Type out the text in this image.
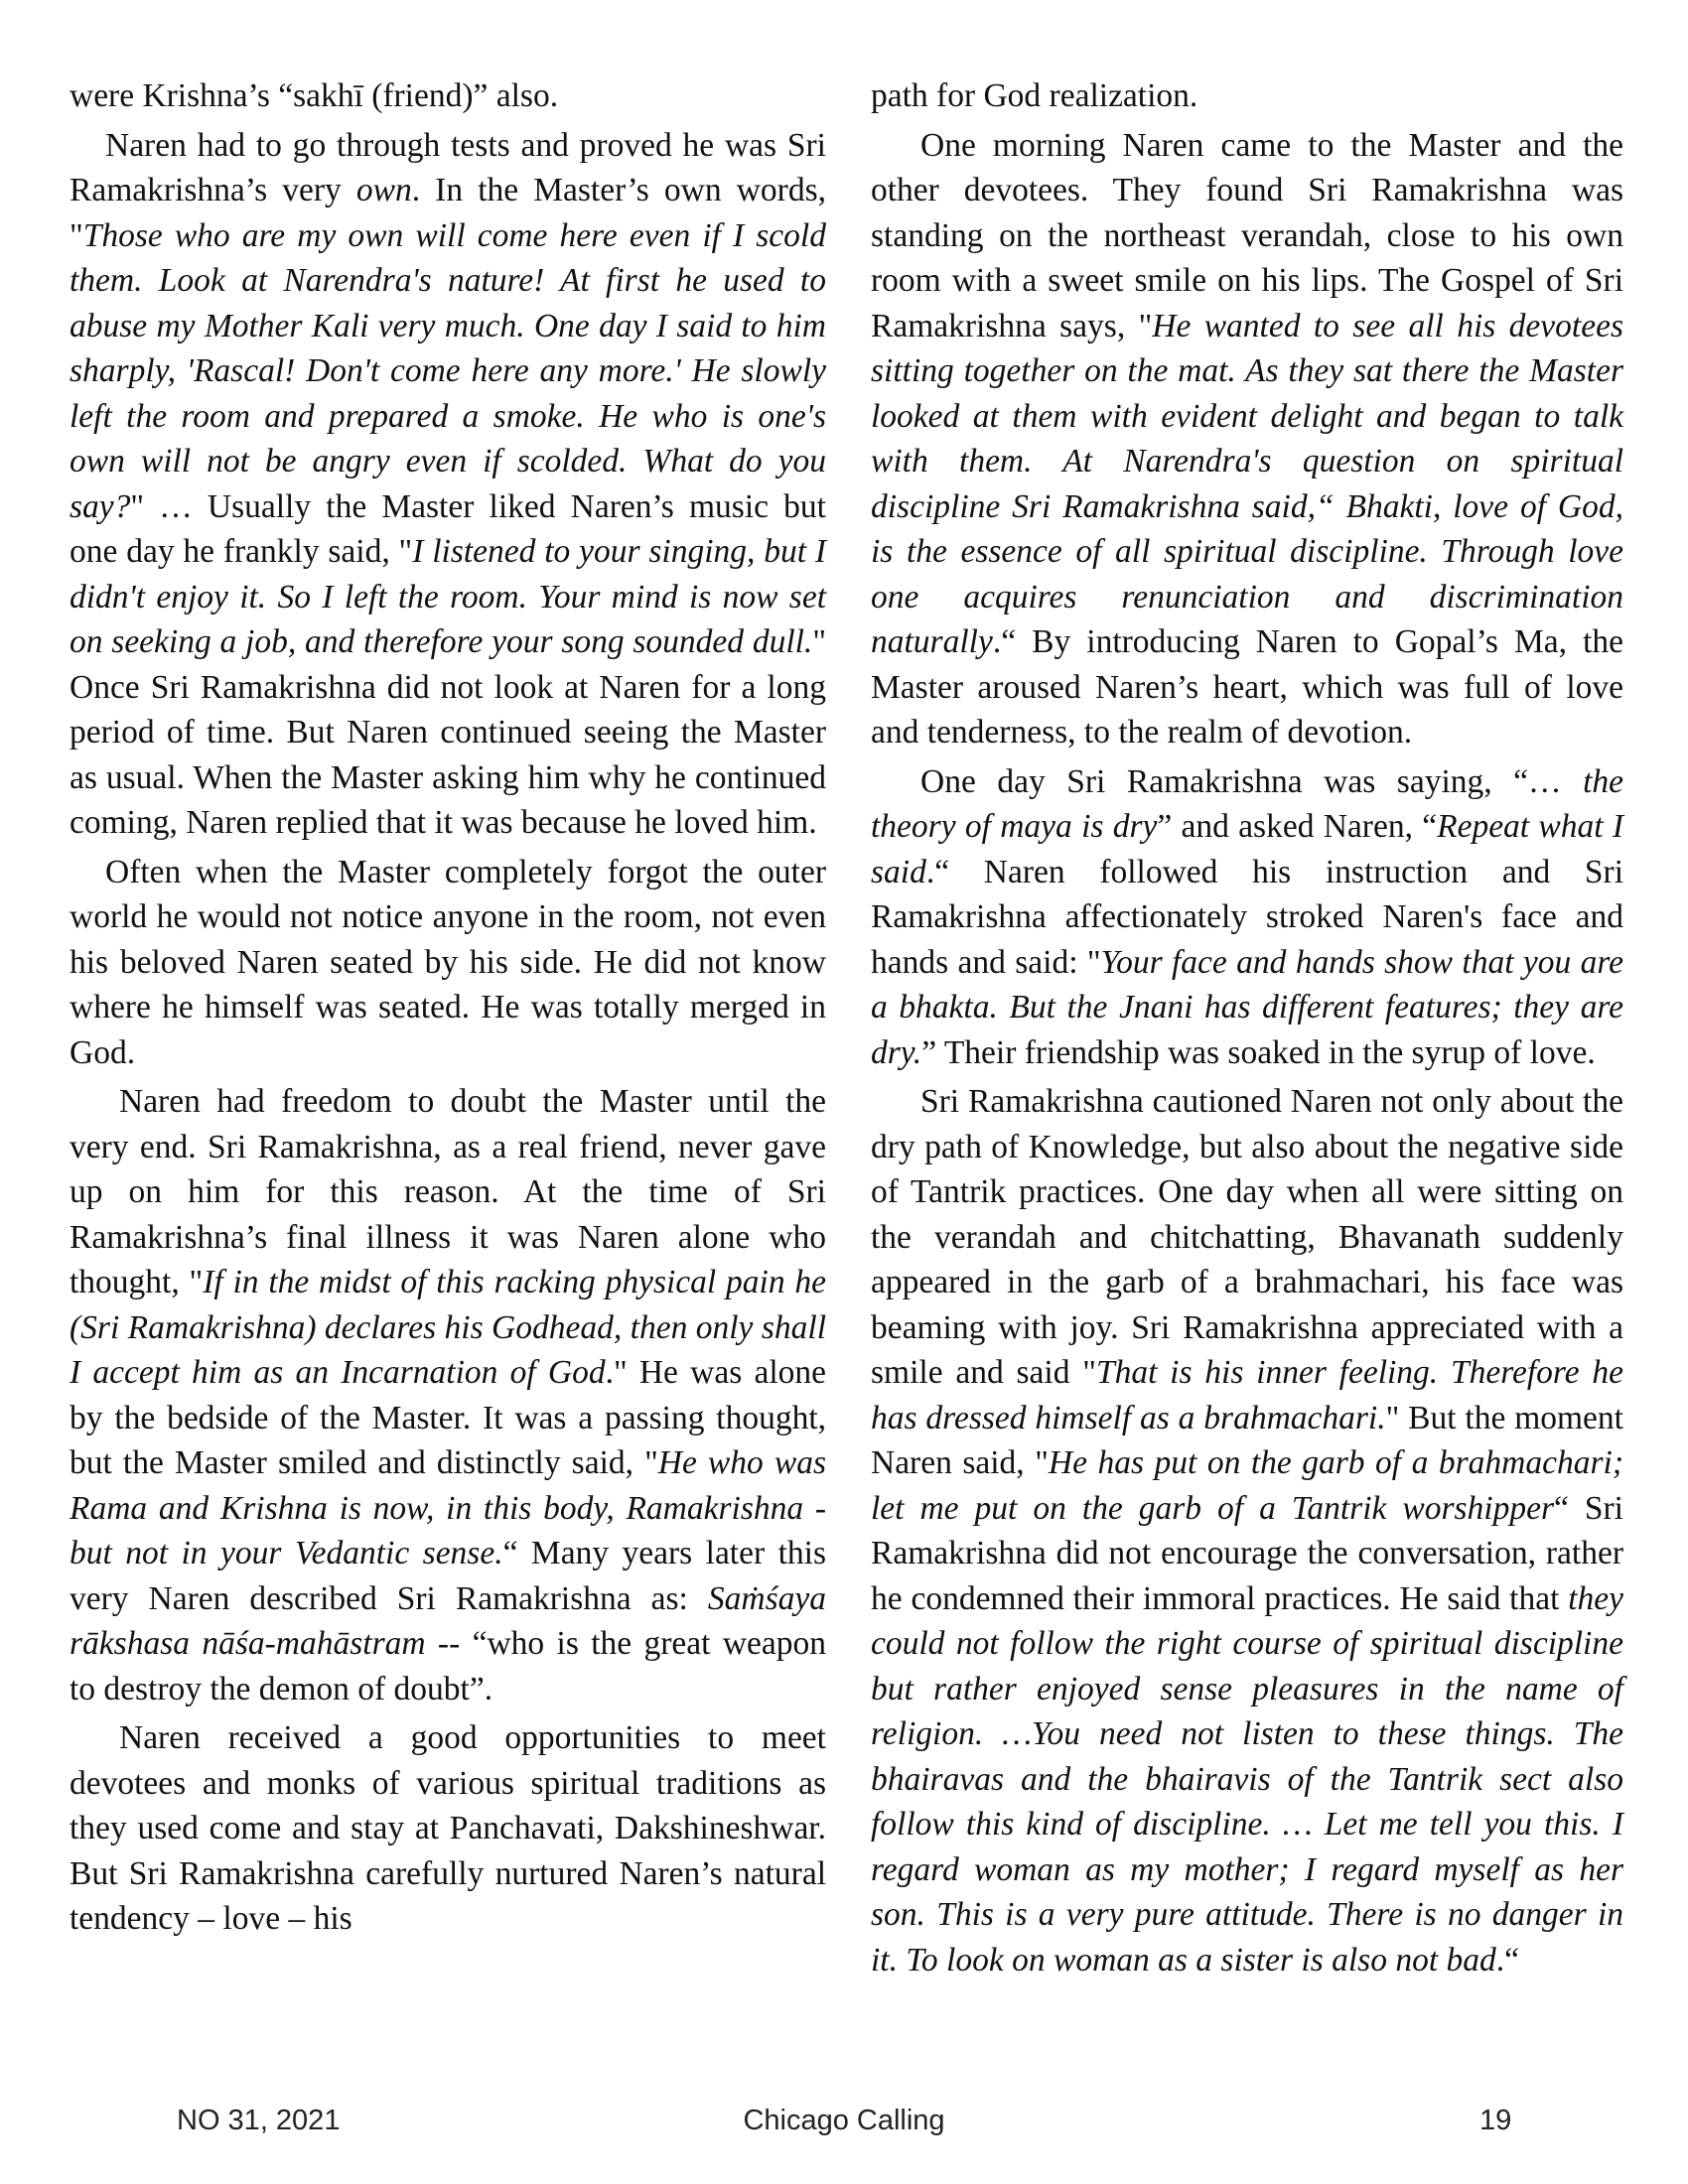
were Krishna’s “sakhī (friend)” also.

Naren had to go through tests and proved he was Sri Ramakrishna’s very own. In the Master’s own words, "Those who are my own will come here even if I scold them. Look at Narendra's nature! At first he used to abuse my Mother Kali very much. One day I said to him sharply, 'Rascal! Don't come here any more.' He slowly left the room and prepared a smoke. He who is one's own will not be angry even if scolded. What do you say?" … Usually the Master liked Naren’s music but one day he frankly said, "I listened to your singing, but I didn't enjoy it. So I left the room. Your mind is now set on seeking a job, and therefore your song sounded dull." Once Sri Ramakrishna did not look at Naren for a long period of time. But Naren continued seeing the Master as usual. When the Master asking him why he continued coming, Naren replied that it was because he loved him.

Often when the Master completely forgot the outer world he would not notice anyone in the room, not even his beloved Naren seated by his side. He did not know where he himself was seated. He was totally merged in God.

Naren had freedom to doubt the Master until the very end. Sri Ramakrishna, as a real friend, never gave up on him for this reason. At the time of Sri Ramakrishna’s final illness it was Naren alone who thought, "If in the midst of this racking physical pain he (Sri Ramakrishna) declares his Godhead, then only shall I accept him as an Incarnation of God." He was alone by the bedside of the Master. It was a passing thought, but the Master smiled and distinctly said, "He who was Rama and Krishna is now, in this body, Ramakrishna - but not in your Vedantic sense.“ Many years later this very Naren described Sri Ramakrishna as: Saṁśaya rākshasa nāśa-mahāstram -- “who is the great weapon to destroy the demon of doubt”.

Naren received a good opportunities to meet devotees and monks of various spiritual traditions as they used come and stay at Panchavati, Dakshineshwar. But Sri Ramakrishna carefully nurtured Naren’s natural tendency – love – his

path for God realization.

One morning Naren came to the Master and the other devotees. They found Sri Ramakrishna was standing on the northeast verandah, close to his own room with a sweet smile on his lips. The Gospel of Sri Ramakrishna says, "He wanted to see all his devotees sitting together on the mat. As they sat there the Master looked at them with evident delight and began to talk with them. At Narendra's question on spiritual discipline Sri Ramakrishna said,“ Bhakti, love of God, is the essence of all spiritual discipline. Through love one acquires renunciation and discrimination naturally.“ By introducing Naren to Gopal’s Ma, the Master aroused Naren’s heart, which was full of love and tenderness, to the realm of devotion.

One day Sri Ramakrishna was saying, “… the theory of maya is dry” and asked Naren, “Repeat what I said.“ Naren followed his instruction and Sri Ramakrishna affectionately stroked Naren's face and hands and said: "Your face and hands show that you are a bhakta. But the Jnani has different features; they are dry.” Their friendship was soaked in the syrup of love.

Sri Ramakrishna cautioned Naren not only about the dry path of Knowledge, but also about the negative side of Tantrik practices. One day when all were sitting on the verandah and chitchatting, Bhavanath suddenly appeared in the garb of a brahmachari, his face was beaming with joy. Sri Ramakrishna appreciated with a smile and said "That is his inner feeling. Therefore he has dressed himself as a brahmachari." But the moment Naren said, "He has put on the garb of a brahmachari; let me put on the garb of a Tantrik worshipper“ Sri Ramakrishna did not encourage the conversation, rather he condemned their immoral practices. He said that they could not follow the right course of spiritual discipline but rather enjoyed sense pleasures in the name of religion. …You need not listen to these things. The bhairavas and the bhairavis of the Tantrik sect also follow this kind of discipline. … Let me tell you this. I regard woman as my mother; I regard myself as her son. This is a very pure attitude. There is no danger in it. To look on woman as a sister is also not bad.“

NO 31, 2021	Chicago Calling	19
